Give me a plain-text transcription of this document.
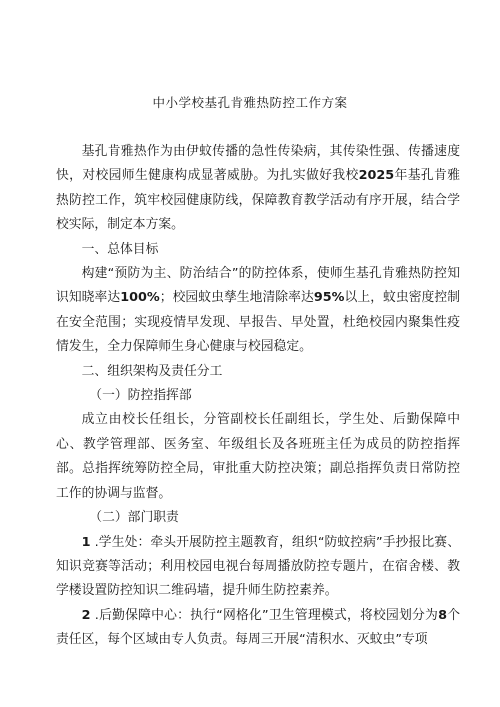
中小学校基孔肯雅热防控工作方案

基孔肯雅热作为由伊蚊传播的急性传染病，其传染性强、传播速度快，对校园师生健康构成显著威胁。为扎实做好我校2025年基孔肯雅热防控工作，筑牢校园健康防线，保障教育教学活动有序开展，结合学校实际，制定本方案。

一、总体目标

构建“预防为主、防治结合”的防控体系，使师生基孔肯雅热防控知识知晓率达100%；校园蚊虫孳生地清除率达95%以上，蚊虫密度控制在安全范围；实现疫情早发现、早报告、早处置，杜绝校园内聚集性疫情发生，全力保障师生身心健康与校园稳定。

二、组织架构及责任分工

（一）防控指挥部

成立由校长任组长，分管副校长任副组长，学生处、后勤保障中心、教学管理部、医务室、年级组长及各班班主任为成员的防控指挥部。总指挥统筹防控全局，审批重大防控决策；副总指挥负责日常防控工作的协调与监督。

（二）部门职责

1 .学生处：牵头开展防控主题教育，组织“防蚊控病”手抄报比赛、知识竞赛等活动；利用校园电视台每周播放防控专题片，在宿舍楼、教学楼设置防控知识二维码墙，提升师生防控素养。

2 .后勤保障中心：执行“网格化”卫生管理模式，将校园划分为8个责任区，每个区域由专人负责。每周三开展“清积水、灭蚊虫”专项
